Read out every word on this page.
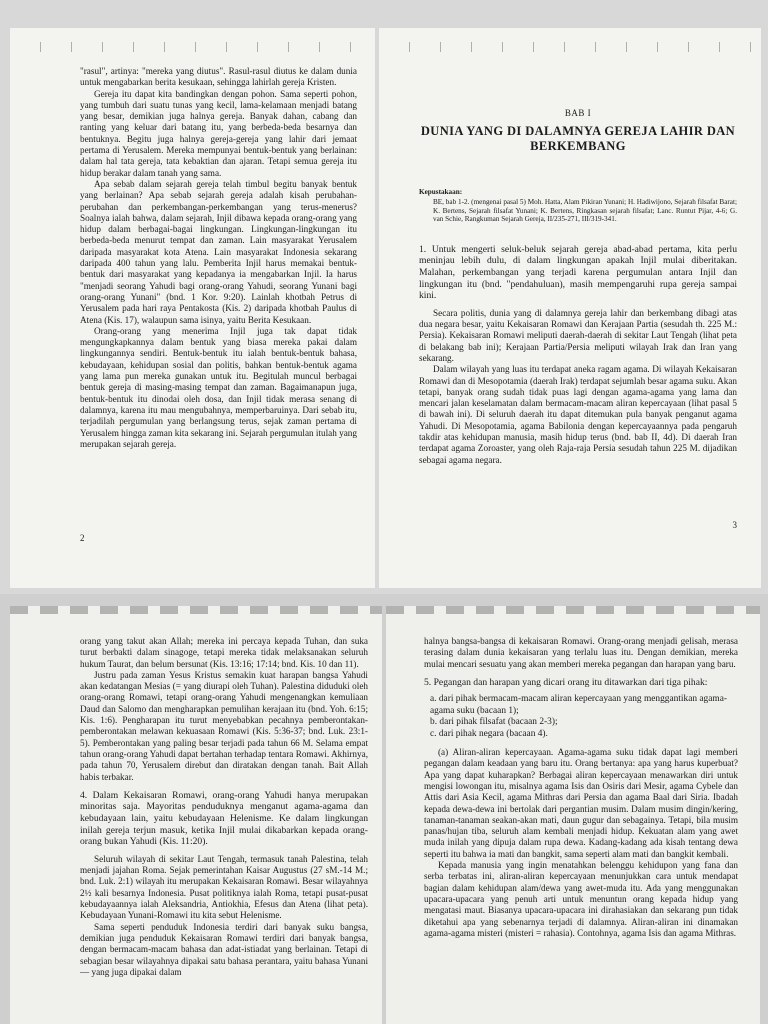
"rasul", artinya: "mereka yang diutus". Rasul-rasul diutus ke dalam dunia untuk mengabarkan berita kesukaan, sehingga lahirlah gereja Kristen.

Gereja itu dapat kita bandingkan dengan pohon. Sama seperti pohon, yang tumbuh dari suatu tunas yang kecil, lama-kelamaan menjadi batang yang besar, demikian juga halnya gereja. Banyak dahan, cabang dan ranting yang keluar dari batang itu, yang berbeda-beda besarnya dan bentuknya. Begitu juga halnya gereja-gereja yang lahir dari jemaat pertama di Yerusalem. Mereka mempunyai bentuk-bentuk yang berlainan: dalam hal tata gereja, tata kebaktian dan ajaran. Tetapi semua gereja itu hidup berakar dalam tanah yang sama.

Apa sebab dalam sejarah gereja telah timbul begitu banyak bentuk yang berlainan? Apa sebab sejarah gereja adalah kisah perubahan-perubahan dan perkembangan-perkembangan yang terus-menerus? Soalnya ialah bahwa, dalam sejarah, Injil dibawa kepada orang-orang yang hidup dalam berbagai-bagai lingkungan. Lingkungan-lingkungan itu berbeda-beda menurut tempat dan zaman. Lain masyarakat Yerusalem daripada masyarakat kota Atena. Lain masyarakat Indonesia sekarang daripada 400 tahun yang lalu. Pemberita Injil harus memakai bentuk-bentuk dari masyarakat yang kepadanya ia mengabarkan Injil. Ia harus "menjadi seorang Yahudi bagi orang-orang Yahudi, seorang Yunani bagi orang-orang Yunani" (bnd. 1 Kor. 9:20). Lainlah khotbah Petrus di Yerusalem pada hari raya Pentakosta (Kis. 2) daripada khotbah Paulus di Atena (Kis. 17), walaupun sama isinya, yaitu Berita Kesukaan.

Orang-orang yang menerima Injil juga tak dapat tidak mengungkapkannya dalam bentuk yang biasa mereka pakai dalam lingkungannya sendiri. Bentuk-bentuk itu ialah bentuk-bentuk bahasa, kebudayaan, kehidupan sosial dan politis, bahkan bentuk-bentuk agama yang lama pun mereka gunakan untuk itu. Begitulah muncul berbagai bentuk gereja di masing-masing tempat dan zaman. Bagaimanapun juga, bentuk-bentuk itu dinodai oleh dosa, dan Injil tidak merasa senang di dalamnya, karena itu mau mengubahnya, memperbaruinya. Dari sebab itu, terjadilah pergumulan yang berlangsung terus, sejak zaman pertama di Yerusalem hingga zaman kita sekarang ini. Sejarah pergumulan itulah yang merupakan sejarah gereja.

2
BAB I
DUNIA YANG DI DALAMNYA GEREJA LAHIR DAN BERKEMBANG
Kepustakaan:
BE, bab 1-2. (mengenai pasal 5) Moh. Hatta, Alam Pikiran Yunani; H. Hadiwijono, Sejarah filsafat Barat; K. Bertens, Sejarah filsafat Yunani; K. Bertens, Ringkasan sejarah filsafat; Lanc. Runtut Pijar, 4-6; G. van Schie, Rangkuman Sejarah Gereja, II/235-271, III/319-341.

1. Untuk mengerti seluk-beluk sejarah gereja abad-abad pertama, kita perlu meninjau lebih dulu, di dalam lingkungan apakah Injil mulai diberitakan. Malahan, perkembangan yang terjadi karena pergumulan antara Injil dan lingkungan itu (bnd. "pendahuluan), masih mempengaruhi rupa gereja sampai kini.

Secara politis, dunia yang di dalamnya gereja lahir dan berkembang dibagi atas dua negara besar, yaitu Kekaisaran Romawi dan Kerajaan Partia (sesudah th. 225 M.: Persia). Kekaisaran Romawi meliputi daerah-daerah di sekitar Laut Tengah (lihat peta di belakang bab ini); Kerajaan Partia/Persia meliputi wilayah Irak dan Iran yang sekarang.

Dalam wilayah yang luas itu terdapat aneka ragam agama. Di wilayah Kekaisaran Romawi dan di Mesopotamia (daerah Irak) terdapat sejumlah besar agama suku. Akan tetapi, banyak orang sudah tidak puas lagi dengan agama-agama yang lama dan mencari jalan keselamatan dalam bermacam-macam aliran kepercayaan (lihat pasal 5 di bawah ini). Di seluruh daerah itu dapat ditemukan pula banyak penganut agama Yahudi. Di Mesopotamia, agama Babilonia dengan kepercayaannya pada pengaruh takdir atas kehidupan manusia, masih hidup terus (bnd. bab II, 4d). Di daerah Iran terdapat agama Zoroaster, yang oleh Raja-raja Persia sesudah tahun 225 M. dijadikan sebagai agama negara.

3

orang yang takut akan Allah; mereka ini percaya kepada Tuhan, dan suka turut berbakti dalam sinagoge, tetapi mereka tidak melaksanakan seluruh hukum Taurat, dan belum bersunat (Kis. 13:16; 17:14; bnd. Kis. 10 dan 11).

Justru pada zaman Yesus Kristus semakin kuat harapan bangsa Yahudi akan kedatangan Mesias (= yang diurapi oleh Tuhan). Palestina diduduki oleh orang-orang Romawi, tetapi orang-orang Yahudi mengenangkan kemuliaan Daud dan Salomo dan mengharapkan pemulihan kerajaan itu (bnd. Yoh. 6:15; Kis. 1:6). Pengharapan itu turut menyebabkan pecahnya pemberontakan-pemberontakan melawan kekuasaan Romawi (Kis. 5:36-37; bnd. Luk. 23:1-5). Pemberontakan yang paling besar terjadi pada tahun 66 M. Selama empat tahun orang-orang Yahudi dapat bertahan terhadap tentara Romawi. Akhirnya, pada tahun 70, Yerusalem direbut dan diratakan dengan tanah. Bait Allah habis terbakar.

4. Dalam Kekaisaran Romawi, orang-orang Yahudi hanya merupakan minoritas saja. Mayoritas penduduknya menganut agama-agama dan kebudayaan lain, yaitu kebudayaan Helenisme. Ke dalam lingkungan inilah gereja terjun masuk, ketika Injil mulai dikabarkan kepada orang-orang bukan Yahudi (Kis. 11:20).

Seluruh wilayah di sekitar Laut Tengah, termasuk tanah Palestina, telah menjadi jajahan Roma. Sejak pemerintahan Kaisar Augustus (27 sM.-14 M.; bnd. Luk. 2:1) wilayah itu merupakan Kekaisaran Romawi. Besar wilayahnya 2½ kali besarnya Indonesia. Pusat politiknya ialah Roma, tetapi pusat-pusat kebudayaannya ialah Aleksandria, Antiokhia, Efesus dan Atena (lihat peta). Kebudayaan Yunani-Romawi itu kita sebut Helenisme.

Sama seperti penduduk Indonesia terdiri dari banyak suku bangsa, demikian juga penduduk Kekaisaran Romawi terdiri dari banyak bangsa, dengan bermacam-macam bahasa dan adat-istiadat yang berlainan. Tetapi di sebagian besar wilayahnya dipakai satu bahasa perantara, yaitu bahasa Yunani — yang juga dipakai dalam

halnya bangsa-bangsa di kekaisaran Romawi. Orang-orang menjadi gelisah, merasa terasing dalam dunia kekaisaran yang terlalu luas itu. Dengan demikian, mereka mulai mencari sesuatu yang akan memberi mereka pegangan dan harapan yang baru.

5. Pegangan dan harapan yang dicari orang itu ditawarkan dari tiga pihak:

a. dari pihak bermacam-macam aliran kepercayaan yang menggantikan agama-agama suku (bacaan 1);

b. dari pihak filsafat (bacaan 2-3);

c. dari pihak negara (bacaan 4).

(a) Aliran-aliran kepercayaan. Agama-agama suku tidak dapat lagi memberi pegangan dalam keadaan yang baru itu. Orang bertanya: apa yang harus kuperbuat? Apa yang dapat kuharapkan? Berbagai aliran kepercayaan menawarkan diri untuk mengisi lowongan itu, misalnya agama Isis dan Osiris dari Mesir, agama Cybele dan Attis dari Asia Kecil, agama Mithras dari Persia dan agama Baal dari Siria. Ibadah kepada dewa-dewa ini bertolak dari pergantian musim. Dalam musim dingin/kering, tanaman-tanaman seakan-akan mati, daun gugur dan sebagainya. Tetapi, bila musim panas/hujan tiba, seluruh alam kembali menjadi hidup. Kekuatan alam yang awet muda inilah yang dipuja dalam rupa dewa. Kadang-kadang ada kisah tentang dewa seperti itu bahwa ia mati dan bangkit, sama seperti alam mati dan bangkit kembali.

Kepada manusia yang ingin menatahkan belenggu kehidupon yang fana dan serba terbatas ini, aliran-aliran kepercayaan menunjukkan cara untuk mendapat bagian dalam kehidupan alam/dewa yang awet-muda itu. Ada yang menggunakan upacara-upacara yang penuh arti untuk menuntun orang kepada hidup yang mengatasi maut. Biasanya upacara-upacara ini dirahasiakan dan sekarang pun tidak diketahui apa yang sebenarnya terjadi di dalamnya. Aliran-aliran ini dinamakan agama-agama misteri (misteri = rahasia). Contohnya, agama Isis dan agama Mithras.
